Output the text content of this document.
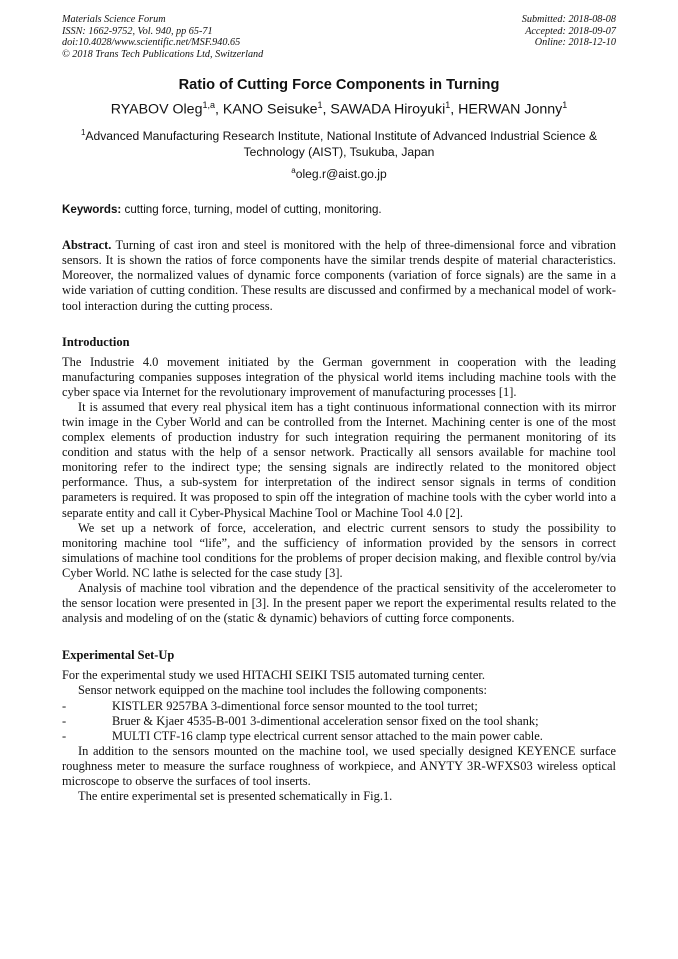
Materials Science Forum
ISSN: 1662-9752, Vol. 940, pp 65-71
doi:10.4028/www.scientific.net/MSF.940.65
© 2018 Trans Tech Publications Ltd, Switzerland
Submitted: 2018-08-08
Accepted: 2018-09-07
Online: 2018-12-10
Ratio of Cutting Force Components in Turning
RYABOV Oleg$^{1,a}$, KANO Seisuke$^1$, SAWADA Hiroyuki$^1$, HERWAN Jonny$^1$
$^1$Advanced Manufacturing Research Institute, National Institute of Advanced Industrial Science & Technology (AIST), Tsukuba, Japan
$^a$oleg.r@aist.go.jp
Keywords: cutting force, turning, model of cutting, monitoring.

Abstract. Turning of cast iron and steel is monitored with the help of three-dimensional force and vibration sensors. It is shown the ratios of force components have the similar trends despite of material characteristics. Moreover, the normalized values of dynamic force components (variation of force signals) are the same in a wide variation of cutting condition. These results are discussed and confirmed by a mechanical model of work-tool interaction during the cutting process.

Introduction

The Industrie 4.0 movement initiated by the German government in cooperation with the leading manufacturing companies supposes integration of the physical world items including machine tools with the cyber space via Internet for the revolutionary improvement of manufacturing processes [1].

It is assumed that every real physical item has a tight continuous informational connection with its mirror twin image in the Cyber World and can be controlled from the Internet. Machining center is one of the most complex elements of production industry for such integration requiring the permanent monitoring of its condition and status with the help of a sensor network. Practically all sensors available for machine tool monitoring refer to the indirect type; the sensing signals are indirectly related to the monitored object performance. Thus, a sub-system for interpretation of the indirect sensor signals in terms of condition parameters is required. It was proposed to spin off the integration of machine tools with the cyber world into a separate entity and call it Cyber-Physical Machine Tool or Machine Tool 4.0 [2].

We set up a network of force, acceleration, and electric current sensors to study the possibility to monitoring machine tool “life”, and the sufficiency of information provided by the sensors in correct simulations of machine tool conditions for the problems of proper decision making, and flexible control by/via Cyber World. NC lathe is selected for the case study [3].

Analysis of machine tool vibration and the dependence of the practical sensitivity of the accelerometer to the sensor location were presented in [3]. In the present paper we report the experimental results related to the analysis and modeling of on the (static & dynamic) behaviors of cutting force components.

Experimental Set-Up

For the experimental study we used HITACHI SEIKI TSI5 automated turning center.

Sensor network equipped on the machine tool includes the following components:

-	KISTLER 9257BA 3-dimentional force sensor mounted to the tool turret;
-	Bruer & Kjaer 4535-B-001 3-dimentional acceleration sensor fixed on the tool shank;
-	MULTI CTF-16 clamp type electrical current sensor attached to the main power cable.

In addition to the sensors mounted on the machine tool, we used specially designed KEYENCE surface roughness meter to measure the surface roughness of workpiece, and ANYTY 3R-WFXS03 wireless optical microscope to observe the surfaces of tool inserts.

The entire experimental set is presented schematically in Fig.1.
